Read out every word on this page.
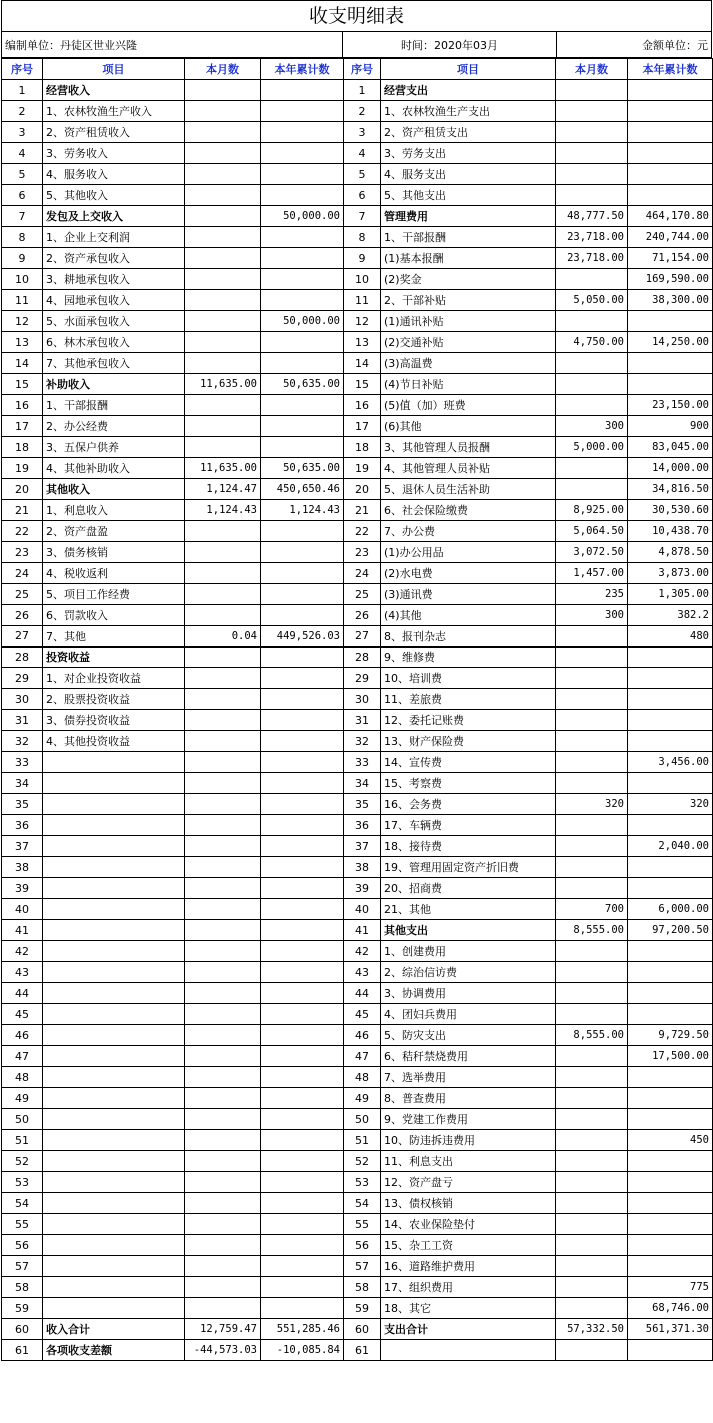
收支明细表
编制单位：丹徒区世业兴隆	时间：2020年03月	金额单位：元
序号	项目	本月数	本年累计数	序号	项目	本月数	本年累计数
1	经营收入			1	经营支出		
2	1、农林牧渔生产收入			2	1、农林牧渔生产支出		
3	2、资产租赁收入			3	2、资产租赁支出		
4	3、劳务收入			4	3、劳务支出		
5	4、服务收入			5	4、服务支出		
6	5、其他收入			6	5、其他支出		
7	发包及上交收入		50,000.00	7	管理费用	48,777.50	464,170.80
8	1、企业上交利润			8	1、干部报酬	23,718.00	240,744.00
9	2、资产承包收入			9	(1)基本报酬	23,718.00	71,154.00
10	3、耕地承包收入			10	(2)奖金		169,590.00
11	4、园地承包收入			11	2、干部补贴	5,050.00	38,300.00
12	5、水面承包收入		50,000.00	12	(1)通讯补贴		
13	6、林木承包收入			13	(2)交通补贴	4,750.00	14,250.00
14	7、其他承包收入			14	(3)高温费		
15	补助收入	11,635.00	50,635.00	15	(4)节日补贴		
16	1、干部报酬			16	(5)值（加）班费		23,150.00
17	2、办公经费			17	(6)其他	300	900
18	3、五保户供养			18	3、其他管理人员报酬	5,000.00	83,045.00
19	4、其他补助收入	11,635.00	50,635.00	19	4、其他管理人员补贴		14,000.00
20	其他收入	1,124.47	450,650.46	20	5、退休人员生活补助		34,816.50
21	1、利息收入	1,124.43	1,124.43	21	6、社会保险缴费	8,925.00	30,530.60
22	2、资产盘盈			22	7、办公费	5,064.50	10,438.70
23	3、债务核销			23	(1)办公用品	3,072.50	4,878.50
24	4、税收返利			24	(2)水电费	1,457.00	3,873.00
25	5、项目工作经费			25	(3)通讯费	235	1,305.00
26	6、罚款收入			26	(4)其他	300	382.2
27	7、其他	0.04	449,526.03	27	8、报刊杂志		480
28	投资收益			28	9、维修费		
29	1、对企业投资收益			29	10、培训费		
30	2、股票投资收益			30	11、差旅费		
31	3、债券投资收益			31	12、委托记账费		
32	4、其他投资收益			32	13、财产保险费		
33				33	14、宣传费		3,456.00
34				34	15、考察费		
35				35	16、会务费	320	320
36				36	17、车辆费		
37				37	18、接待费		2,040.00
38				38	19、管理用固定资产折旧费		
39				39	20、招商费		
40				40	21、其他	700	6,000.00
41				41	其他支出	8,555.00	97,200.50
42				42	1、创建费用		
43				43	2、综治信访费		
44				44	3、协调费用		
45				45	4、团妇兵费用		
46				46	5、防灾支出	8,555.00	9,729.50
47				47	6、秸秆禁烧费用		17,500.00
48				48	7、选举费用		
49				49	8、普查费用		
50				50	9、党建工作费用		
51				51	10、防违拆违费用		450
52				52	11、利息支出		
53				53	12、资产盘亏		
54				54	13、债权核销		
55				55	14、农业保险垫付		
56				56	15、杂工工资		
57				57	16、道路维护费用		
58				58	17、组织费用		775
59				59	18、其它		68,746.00
60	收入合计	12,759.47	551,285.46	60	支出合计	57,332.50	561,371.30
61	各项收支差额	-44,573.03	-10,085.84	61			
